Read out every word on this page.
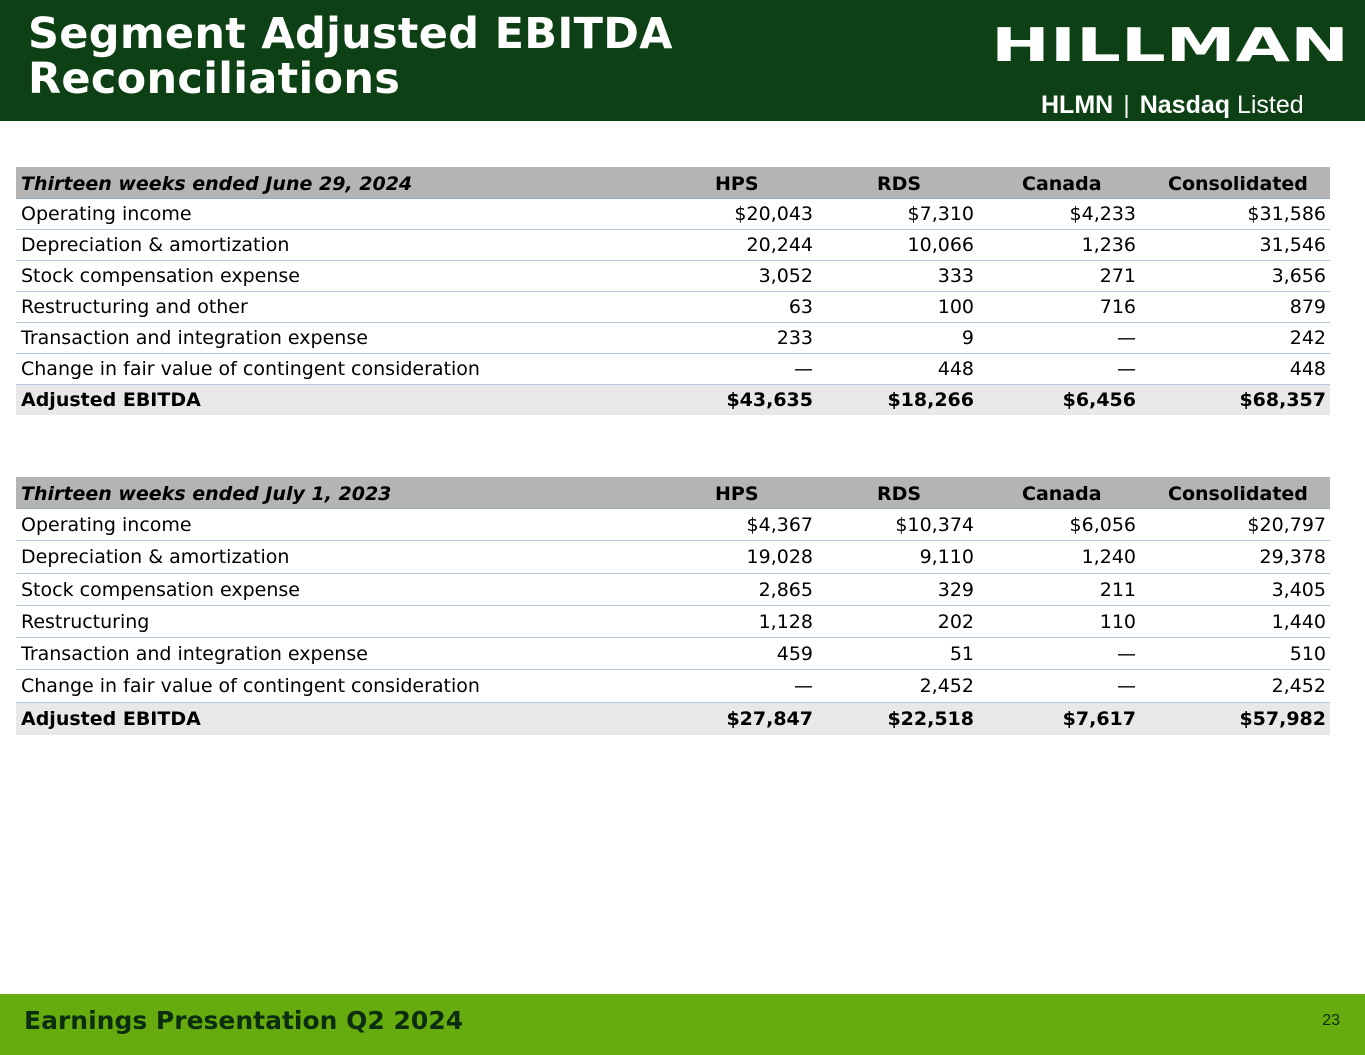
Segment Adjusted EBITDA
Reconciliations
HILLMAN
HLMN | Nasdaq Listed
Thirteen weeks ended June 29, 2024	HPS	RDS	Canada	Consolidated
Operating income	$20,043	$7,310	$4,233	$31,586
Depreciation & amortization	20,244	10,066	1,236	31,546
Stock compensation expense	3,052	333	271	3,656
Restructuring and other	63	100	716	879
Transaction and integration expense	233	9	—	242
Change in fair value of contingent consideration	—	448	—	448
Adjusted EBITDA	$43,635	$18,266	$6,456	$68,357
Thirteen weeks ended July 1, 2023	HPS	RDS	Canada	Consolidated
Operating income	$4,367	$10,374	$6,056	$20,797
Depreciation & amortization	19,028	9,110	1,240	29,378
Stock compensation expense	2,865	329	211	3,405
Restructuring	1,128	202	110	1,440
Transaction and integration expense	459	51	—	510
Change in fair value of contingent consideration	—	2,452	—	2,452
Adjusted EBITDA	$27,847	$22,518	$7,617	$57,982
Earnings Presentation Q2 2024	23
